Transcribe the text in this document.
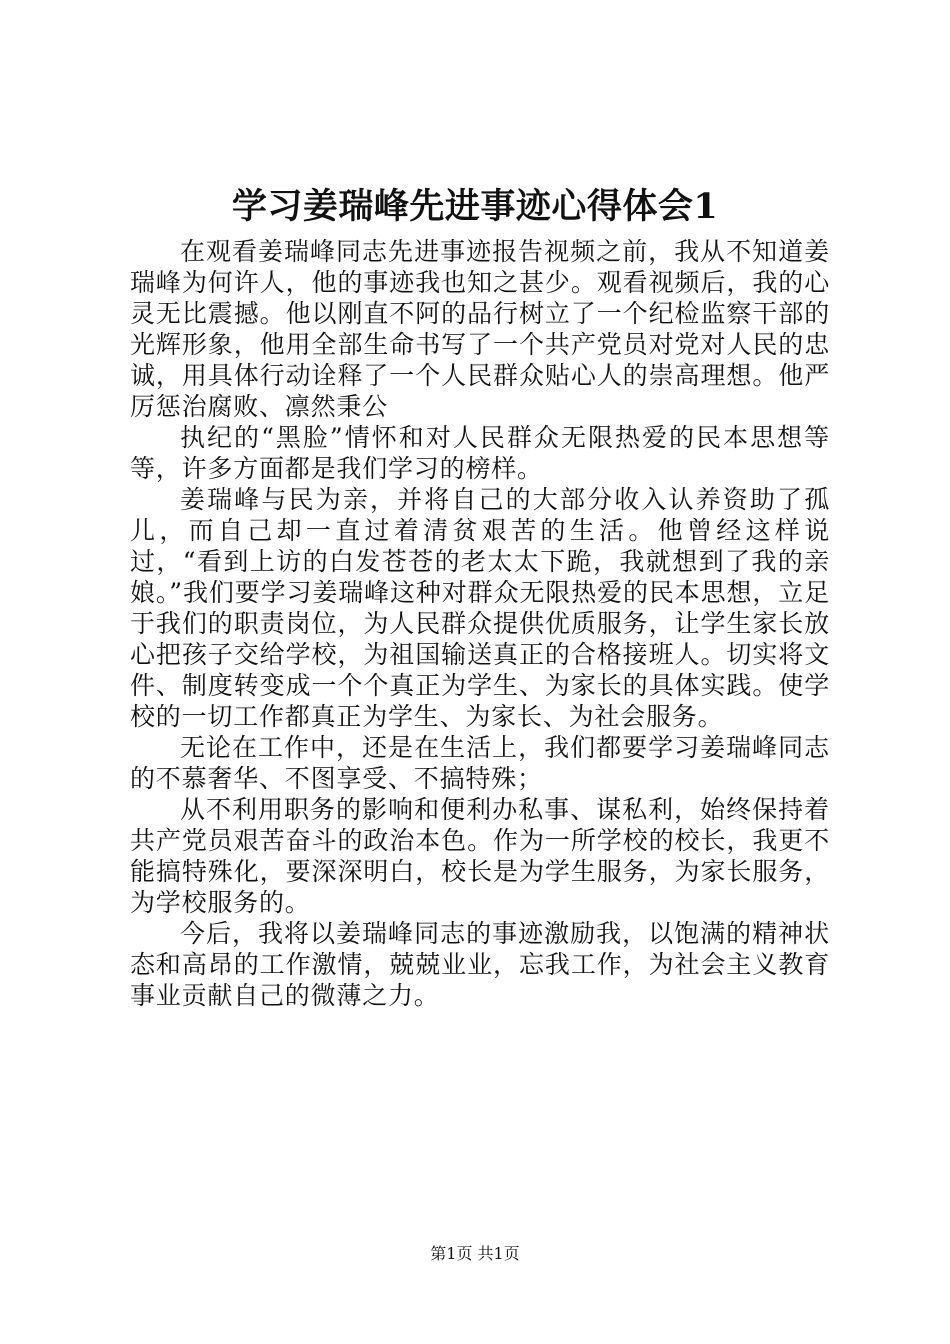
学习姜瑞峰先进事迹心得体会1

在观看姜瑞峰同志先进事迹报告视频之前，我从不知道姜瑞峰为何许人，他的事迹我也知之甚少。观看视频后，我的心灵无比震撼。他以刚直不阿的品行树立了一个纪检监察干部的光辉形象，他用全部生命书写了一个共产党员对党对人民的忠诚，用具体行动诠释了一个人民群众贴心人的崇高理想。他严厉惩治腐败、凛然秉公

执纪的“黑脸”情怀和对人民群众无限热爱的民本思想等等，许多方面都是我们学习的榜样。

姜瑞峰与民为亲，并将自己的大部分收入认养资助了孤儿，而自己却一直过着清贫艰苦的生活。他曾经这样说过，“看到上访的白发苍苍的老太太下跪，我就想到了我的亲娘。”我们要学习姜瑞峰这种对群众无限热爱的民本思想，立足于我们的职责岗位，为人民群众提供优质服务，让学生家长放心把孩子交给学校，为祖国输送真正的合格接班人。切实将文件、制度转变成一个个真正为学生、为家长的具体实践。使学校的一切工作都真正为学生、为家长、为社会服务。

无论在工作中，还是在生活上，我们都要学习姜瑞峰同志的不慕奢华、不图享受、不搞特殊；

从不利用职务的影响和便利办私事、谋私利，始终保持着共产党员艰苦奋斗的政治本色。作为一所学校的校长，我更不能搞特殊化，要深深明白，校长是为学生服务，为家长服务，为学校服务的。

今后，我将以姜瑞峰同志的事迹激励我，以饱满的精神状态和高昂的工作激情，兢兢业业，忘我工作，为社会主义教育事业贡献自己的微薄之力。

第1页 共1页
